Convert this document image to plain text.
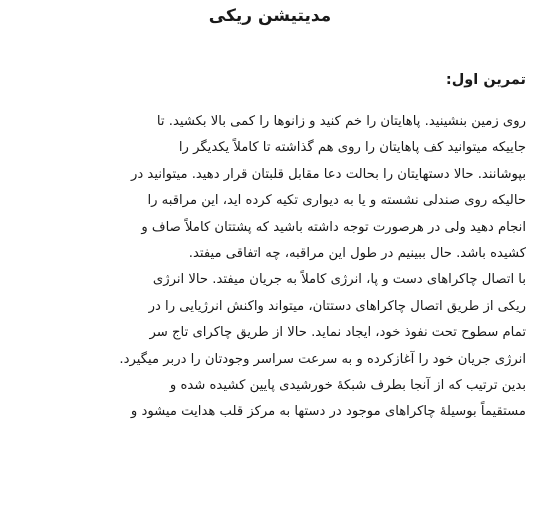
مدیتیشن ریکی
تمرین اول:
روی زمین بنشینید. پاهایتان را خم کنید و زانوها را کمی بالا بکشید. تا
جاییکه میتوانید کف پاهایتان را روی هم گذاشته تا کاملاً یکدیگر را
بپوشانند. حالا دستهایتان را بحالت دعا مقابل قلبتان قرار دهید. میتوانید در
حالیکه روی صندلی نشسته و یا به دیواری تکیه کرده اید، این مراقبه را
انجام دهید ولی در هرصورت توجه داشته باشید که پشتتان کاملاً صاف و
کشیده باشد. حال ببینیم در طول این مراقبه، چه اتفاقی میفتد.
با اتصال چاکراهای دست و پا، انرژی کاملاً به جریان میفتد. حالا انرژی
ریکی از طریق اتصال چاکراهای دستتان، میتواند واکنش انرژیایی را در
تمام سطوح تحت نفوذ خود، ایجاد نماید. حالا از طریق چاکرای تاج سر
انرژی جریان خود را آغازکرده و به سرعت سراسر وجودتان را دربر میگیرد.
بدین ترتیب که از آنجا بطرف شبکهٔ خورشیدی پایین کشیده شده و
مستقیماً بوسیلهٔ چاکراهای موجود در دستها به مرکز قلب هدایت میشود و
